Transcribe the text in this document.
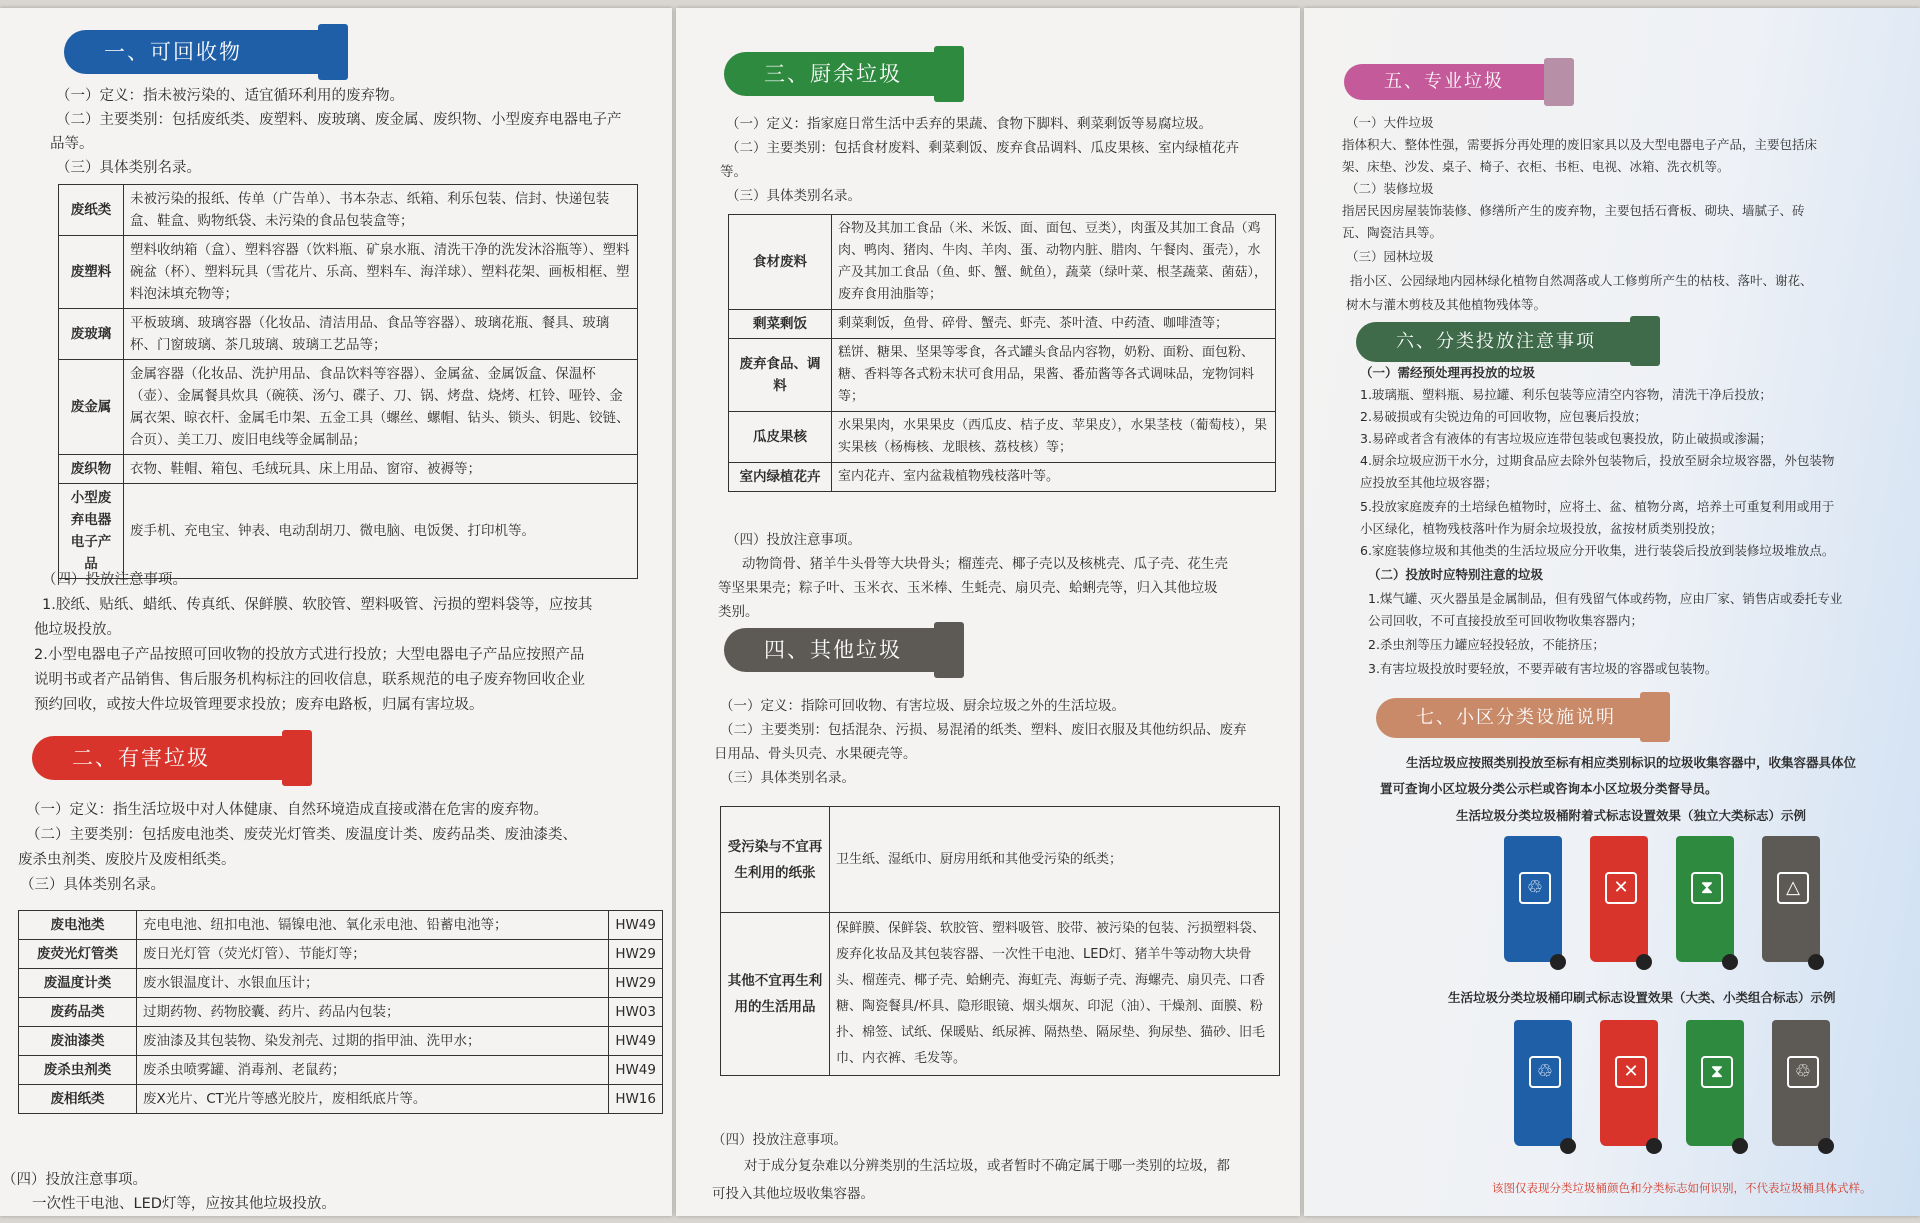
一、可回收物
（一）定义：指未被污染的、适宜循环利用的废弃物。
（二）主要类别：包括废纸类、废塑料、废玻璃、废金属、废织物、小型废弃电器电子产
品等。
（三）具体类别名录。
废纸类	未被污染的报纸、传单（广告单）、书本杂志、纸箱、利乐包装、信封、快递包装盒、鞋盒、购物纸袋、未污染的食品包装盒等；
废塑料	塑料收纳箱（盒）、塑料容器（饮料瓶、矿泉水瓶、清洗干净的洗发沐浴瓶等）、塑料碗盆（杯）、塑料玩具（雪花片、乐高、塑料车、海洋球）、塑料花架、画板相框、塑料泡沫填充物等；
废玻璃	平板玻璃、玻璃容器（化妆品、清洁用品、食品等容器）、玻璃花瓶、餐具、玻璃杯、门窗玻璃、茶几玻璃、玻璃工艺品等；
废金属	金属容器（化妆品、洗护用品、食品饮料等容器）、金属盆、金属饭盒、保温杯（壶）、金属餐具炊具（碗筷、汤勺、碟子、刀、锅、烤盘、烧烤、杠铃、哑铃、金属衣架、晾衣杆、金属毛巾架、五金工具（螺丝、螺帽、钻头、锁头、钥匙、铰链、合页）、美工刀、废旧电线等金属制品；
废织物	衣物、鞋帽、箱包、毛绒玩具、床上用品、窗帘、被褥等；
小型废弃电器电子产品	废手机、充电宝、钟表、电动刮胡刀、微电脑、电饭煲、打印机等。
（四）投放注意事项。
1.胶纸、贴纸、蜡纸、传真纸、保鲜膜、软胶管、塑料吸管、污损的塑料袋等，应按其
他垃圾投放。
2.小型电器电子产品按照可回收物的投放方式进行投放；大型电器电子产品应按照产品
说明书或者产品销售、售后服务机构标注的回收信息，联系规范的电子废弃物回收企业
预约回收，或按大件垃圾管理要求投放；废弃电路板，归属有害垃圾。
二、有害垃圾
（一）定义：指生活垃圾中对人体健康、自然环境造成直接或潜在危害的废弃物。
（二）主要类别：包括废电池类、废荧光灯管类、废温度计类、废药品类、废油漆类、
废杀虫剂类、废胶片及废相纸类。
（三）具体类别名录。
废电池类	充电电池、纽扣电池、镉镍电池、氧化汞电池、铅蓄电池等；	HW49
废荧光灯管类	废日光灯管（荧光灯管）、节能灯等；	HW29
废温度计类	废水银温度计、水银血压计；	HW29
废药品类	过期药物、药物胶囊、药片、药品内包装；	HW03
废油漆类	废油漆及其包装物、染发剂壳、过期的指甲油、洗甲水；	HW49
废杀虫剂类	废杀虫喷雾罐、消毒剂、老鼠药；	HW49
废相纸类	废X光片、CT光片等感光胶片，废相纸底片等。	HW16
（四）投放注意事项。
一次性干电池、LED灯等，应按其他垃圾投放。
三、厨余垃圾
（一）定义：指家庭日常生活中丢弃的果蔬、食物下脚料、剩菜剩饭等易腐垃圾。
（二）主要类别：包括食材废料、剩菜剩饭、废弃食品调料、瓜皮果核、室内绿植花卉
等。
（三）具体类别名录。
食材废料	谷物及其加工食品（米、米饭、面、面包、豆类），肉蛋及其加工食品（鸡肉、鸭肉、猪肉、牛肉、羊肉、蛋、动物内脏、腊肉、午餐肉、蛋壳），水产及其加工食品（鱼、虾、蟹、鱿鱼），蔬菜（绿叶菜、根茎蔬菜、菌菇），废弃食用油脂等；
剩菜剩饭	剩菜剩饭，鱼骨、碎骨、蟹壳、虾壳、茶叶渣、中药渣、咖啡渣等；
废弃食品、调料	糕饼、糖果、坚果等零食，各式罐头食品内容物，奶粉、面粉、面包粉、糖、香料等各式粉末状可食用品，果酱、番茄酱等各式调味品，宠物饲料等；
瓜皮果核	水果果肉，水果果皮（西瓜皮、桔子皮、苹果皮），水果茎枝（葡萄枝），果实果核（杨梅核、龙眼核、荔枝核）等；
室内绿植花卉	室内花卉、室内盆栽植物残枝落叶等。
（四）投放注意事项。
动物筒骨、猪羊牛头骨等大块骨头；榴莲壳、椰子壳以及核桃壳、瓜子壳、花生壳
等坚果果壳；粽子叶、玉米衣、玉米棒、生蚝壳、扇贝壳、蛤蜊壳等，归入其他垃圾
类别。
四、其他垃圾
（一）定义：指除可回收物、有害垃圾、厨余垃圾之外的生活垃圾。
（二）主要类别：包括混杂、污损、易混淆的纸类、塑料、废旧衣服及其他纺织品、废弃
日用品、骨头贝壳、水果硬壳等。
（三）具体类别名录。
受污染与不宜再生利用的纸张	卫生纸、湿纸巾、厨房用纸和其他受污染的纸类；
其他不宜再生利用的生活用品	保鲜膜、保鲜袋、软胶管、塑料吸管、胶带、被污染的包装、污损塑料袋、废弃化妆品及其包装容器、一次性干电池、LED灯、猪羊牛等动物大块骨头、榴莲壳、椰子壳、蛤蜊壳、海虹壳、海蛎子壳、海螺壳、扇贝壳、口香糖、陶瓷餐具/杯具、隐形眼镜、烟头烟灰、印泥（油）、干燥剂、面膜、粉扑、棉签、试纸、保暖贴、纸尿裤、隔热垫、隔尿垫、狗尿垫、猫砂、旧毛巾、内衣裤、毛发等。
（四）投放注意事项。
对于成分复杂难以分辨类别的生活垃圾，或者暂时不确定属于哪一类别的垃圾，都
可投入其他垃圾收集容器。
五、专业垃圾
（一）大件垃圾
指体积大、整体性强，需要拆分再处理的废旧家具以及大型电器电子产品，主要包括床
架、床垫、沙发、桌子、椅子、衣柜、书柜、电视、冰箱、洗衣机等。
（二）装修垃圾
指居民因房屋装饰装修、修缮所产生的废弃物，主要包括石膏板、砌块、墙腻子、砖
瓦、陶瓷洁具等。
（三）园林垃圾
指小区、公园绿地内园林绿化植物自然凋落或人工修剪所产生的枯枝、落叶、谢花、
树木与灌木剪枝及其他植物残体等。
六、分类投放注意事项
（一）需经预处理再投放的垃圾
1.玻璃瓶、塑料瓶、易拉罐、利乐包装等应清空内容物，清洗干净后投放；
2.易破损或有尖锐边角的可回收物，应包裹后投放；
3.易碎或者含有液体的有害垃圾应连带包装或包裹投放，防止破损或渗漏；
4.厨余垃圾应沥干水分，过期食品应去除外包装物后，投放至厨余垃圾容器，外包装物
应投放至其他垃圾容器；
5.投放家庭废弃的土培绿色植物时，应将土、盆、植物分离，培养土可重复利用或用于
小区绿化，植物残枝落叶作为厨余垃圾投放，盆按材质类别投放；
6.家庭装修垃圾和其他类的生活垃圾应分开收集，进行装袋后投放到装修垃圾堆放点。
（二）投放时应特别注意的垃圾
1.煤气罐、灭火器虽是金属制品，但有残留气体或药物，应由厂家、销售店或委托专业
公司回收，不可直接投放至可回收物收集容器内；
2.杀虫剂等压力罐应轻投轻放，不能挤压；
3.有害垃圾投放时要轻放，不要弄破有害垃圾的容器或包装物。
七、小区分类设施说明
生活垃圾应按照类别投放至标有相应类别标识的垃圾收集容器中，收集容器具体位
置可查询小区垃圾分类公示栏或咨询本小区垃圾分类督导员。
生活垃圾分类垃圾桶附着式标志设置效果（独立大类标志）示例
♲	✕	⧗	△
生活垃圾分类垃圾桶印刷式标志设置效果（大类、小类组合标志）示例
♲	✕	⧗	♲
该图仅表现分类垃圾桶颜色和分类标志如何识别，不代表垃圾桶具体式样。
